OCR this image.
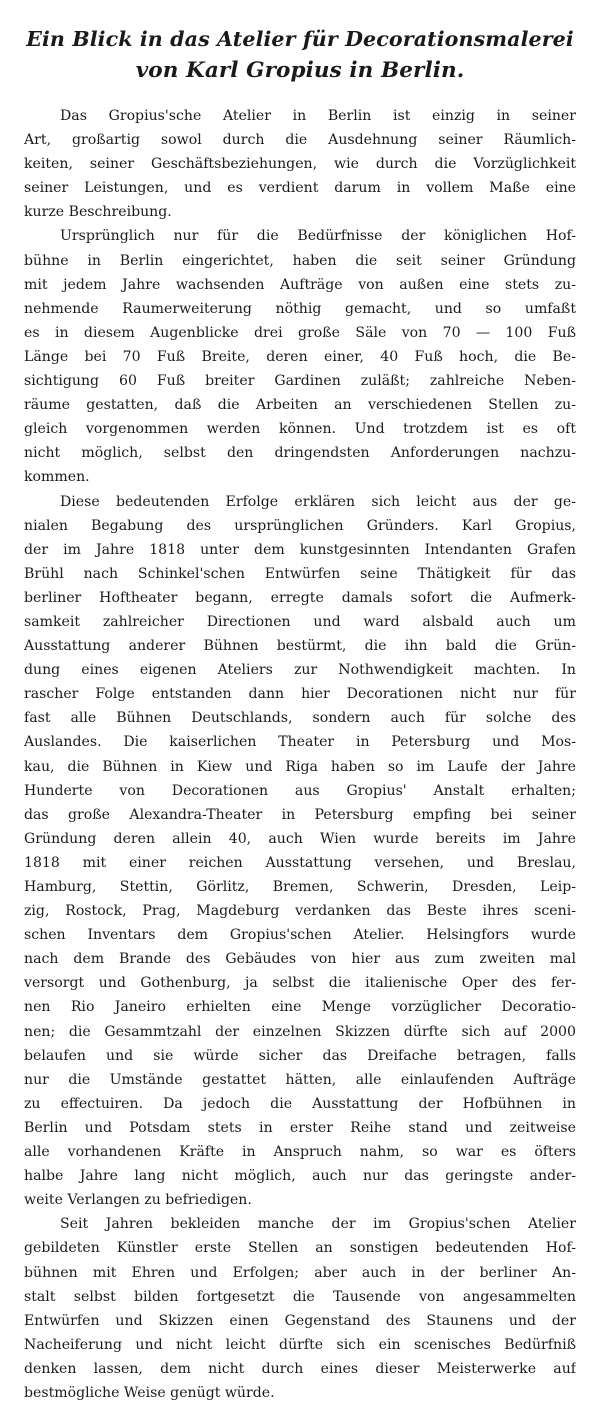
Ein Blick in das Atelier für Decorationsmalerei
von Karl Gropius in Berlin.

Das Gropius'sche Atelier in Berlin ist einzig in seiner
Art, großartig sowol durch die Ausdehnung seiner Räumlich-
keiten, seiner Geschäftsbeziehungen, wie durch die Vorzüglichkeit
seiner Leistungen, und es verdient darum in vollem Maße eine
kurze Beschreibung.

Ursprünglich nur für die Bedürfnisse der königlichen Hof-
bühne in Berlin eingerichtet, haben die seit seiner Gründung
mit jedem Jahre wachsenden Aufträge von außen eine stets zu-
nehmende Raumerweiterung nöthig gemacht, und so umfaßt
es in diesem Augenblicke drei große Säle von 70 — 100 Fuß
Länge bei 70 Fuß Breite, deren einer, 40 Fuß hoch, die Be-
sichtigung 60 Fuß breiter Gardinen zuläßt; zahlreiche Neben-
räume gestatten, daß die Arbeiten an verschiedenen Stellen zu-
gleich vorgenommen werden können. Und trotzdem ist es oft
nicht möglich, selbst den dringendsten Anforderungen nachzu-
kommen.

Diese bedeutenden Erfolge erklären sich leicht aus der ge-
nialen Begabung des ursprünglichen Gründers. Karl Gropius,
der im Jahre 1818 unter dem kunstgesinnten Intendanten Grafen
Brühl nach Schinkel'schen Entwürfen seine Thätigkeit für das
berliner Hoftheater begann, erregte damals sofort die Aufmerk-
samkeit zahlreicher Directionen und ward alsbald auch um
Ausstattung anderer Bühnen bestürmt, die ihn bald die Grün-
dung eines eigenen Ateliers zur Nothwendigkeit machten. In
rascher Folge entstanden dann hier Decorationen nicht nur für
fast alle Bühnen Deutschlands, sondern auch für solche des
Auslandes. Die kaiserlichen Theater in Petersburg und Mos-
kau, die Bühnen in Kiew und Riga haben so im Laufe der Jahre
Hunderte von Decorationen aus Gropius' Anstalt erhalten;
das große Alexandra-Theater in Petersburg empfing bei seiner
Gründung deren allein 40, auch Wien wurde bereits im Jahre
1818 mit einer reichen Ausstattung versehen, und Breslau,
Hamburg, Stettin, Görlitz, Bremen, Schwerin, Dresden, Leip-
zig, Rostock, Prag, Magdeburg verdanken das Beste ihres sceni-
schen Inventars dem Gropius'schen Atelier. Helsingfors wurde
nach dem Brande des Gebäudes von hier aus zum zweiten mal
versorgt und Gothenburg, ja selbst die italienische Oper des fer-
nen Rio Janeiro erhielten eine Menge vorzüglicher Decoratio-
nen; die Gesammtzahl der einzelnen Skizzen dürfte sich auf 2000
belaufen und sie würde sicher das Dreifache betragen, falls
nur die Umstände gestattet hätten, alle einlaufenden Aufträge
zu effectuiren. Da jedoch die Ausstattung der Hofbühnen in
Berlin und Potsdam stets in erster Reihe stand und zeitweise
alle vorhandenen Kräfte in Anspruch nahm, so war es öfters
halbe Jahre lang nicht möglich, auch nur das geringste ander-
weite Verlangen zu befriedigen.

Seit Jahren bekleiden manche der im Gropius'schen Atelier
gebildeten Künstler erste Stellen an sonstigen bedeutenden Hof-
bühnen mit Ehren und Erfolgen; aber auch in der berliner An-
stalt selbst bilden fortgesetzt die Tausende von angesammelten
Entwürfen und Skizzen einen Gegenstand des Staunens und der
Nacheiferung und nicht leicht dürfte sich ein scenisches Bedürfniß
denken lassen, dem nicht durch eines dieser Meisterwerke auf
bestmögliche Weise genügt würde.
